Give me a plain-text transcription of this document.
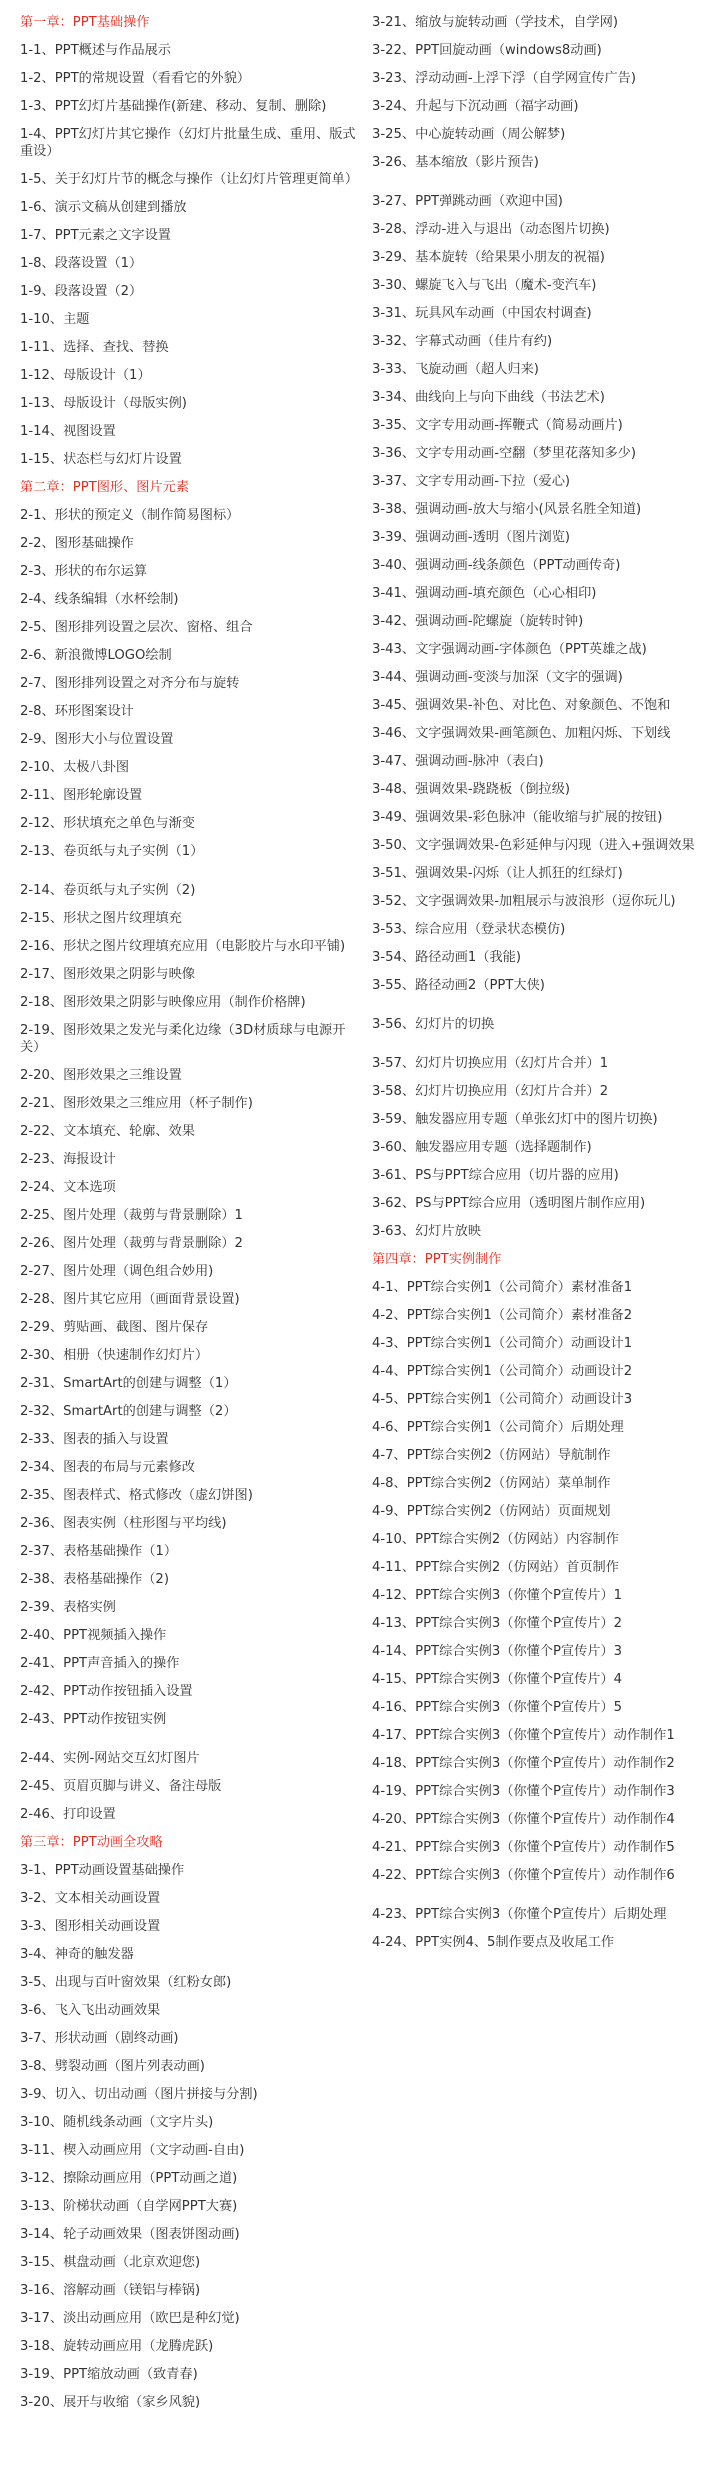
第一章：PPT基础操作
1-1、PPT概述与作品展示
1-2、PPT的常规设置（看看它的外貌）
1-3、PPT幻灯片基础操作(新建、移动、复制、删除)
1-4、PPT幻灯片其它操作（幻灯片批量生成、重用、版式重设）
1-5、关于幻灯片节的概念与操作（让幻灯片管理更简单）
1-6、演示文稿从创建到播放
1-7、PPT元素之文字设置
1-8、段落设置（1）
1-9、段落设置（2）
1-10、主题
1-11、选择、查找、替换
1-12、母版设计（1）
1-13、母版设计（母版实例)
1-14、视图设置
1-15、状态栏与幻灯片设置
第二章：PPT图形、图片元素
2-1、形状的预定义（制作简易图标）
2-2、图形基础操作
2-3、形状的布尔运算
2-4、线条编辑（水杯绘制)
2-5、图形排列设置之层次、窗格、组合
2-6、新浪微博LOGO绘制
2-7、图形排列设置之对齐分布与旋转
2-8、环形图案设计
2-9、图形大小与位置设置
2-10、太极八卦图
2-11、图形轮廓设置
2-12、形状填充之单色与渐变
2-13、卷页纸与丸子实例（1）
2-14、卷页纸与丸子实例（2)
2-15、形状之图片纹理填充
2-16、形状之图片纹理填充应用（电影胶片与水印平铺)
2-17、图形效果之阴影与映像
2-18、图形效果之阴影与映像应用（制作价格牌)
2-19、图形效果之发光与柔化边缘（3D材质球与电源开关）
2-20、图形效果之三维设置
2-21、图形效果之三维应用（杯子制作)
2-22、文本填充、轮廓、效果
2-23、海报设计
2-24、文本选项
2-25、图片处理（裁剪与背景删除）1
2-26、图片处理（裁剪与背景删除）2
2-27、图片处理（调色组合妙用)
2-28、图片其它应用（画面背景设置)
2-29、剪贴画、截图、图片保存
2-30、相册（快速制作幻灯片）
2-31、SmartArt的创建与调整（1）
2-32、SmartArt的创建与调整（2）
2-33、图表的插入与设置
2-34、图表的布局与元素修改
2-35、图表样式、格式修改（虚幻饼图)
2-36、图表实例（柱形图与平均线)
2-37、表格基础操作（1）
2-38、表格基础操作（2)
2-39、表格实例
2-40、PPT视频插入操作
2-41、PPT声音插入的操作
2-42、PPT动作按钮插入设置
2-43、PPT动作按钮实例
2-44、实例-网站交互幻灯图片
2-45、页眉页脚与讲义、备注母版
2-46、打印设置
第三章：PPT动画全攻略
3-1、PPT动画设置基础操作
3-2、文本相关动画设置
3-3、图形相关动画设置
3-4、神奇的触发器
3-5、出现与百叶窗效果（红粉女郎)
3-6、飞入飞出动画效果
3-7、形状动画（剧终动画)
3-8、劈裂动画（图片列表动画)
3-9、切入、切出动画（图片拼接与分割)
3-10、随机线条动画（文字片头)
3-11、楔入动画应用（文字动画-自由)
3-12、擦除动画应用（PPT动画之道)
3-13、阶梯状动画（自学网PPT大赛)
3-14、轮子动画效果（图表饼图动画)
3-15、棋盘动画（北京欢迎您)
3-16、溶解动画（镁铝与棒锅)
3-17、淡出动画应用（欧巴是种幻觉)
3-18、旋转动画应用（龙腾虎跃)
3-19、PPT缩放动画（致青春)
3-20、展开与收缩（家乡风貌)
3-21、缩放与旋转动画（学技术，自学网)
3-22、PPT回旋动画（windows8动画)
3-23、浮动动画-上浮下浮（自学网宣传广告)
3-24、升起与下沉动画（福字动画)
3-25、中心旋转动画（周公解梦)
3-26、基本缩放（影片预告)
3-27、PPT弹跳动画（欢迎中国)
3-28、浮动-进入与退出（动态图片切换)
3-29、基本旋转（给果果小朋友的祝福)
3-30、螺旋飞入与飞出（魔术-变汽车)
3-31、玩具风车动画（中国农村调查)
3-32、字幕式动画（佳片有约)
3-33、飞旋动画（超人归来)
3-34、曲线向上与向下曲线（书法艺术)
3-35、文字专用动画-挥鞭式（简易动画片)
3-36、文字专用动画-空翻（梦里花落知多少)
3-37、文字专用动画-下拉（爱心)
3-38、强调动画-放大与缩小(风景名胜全知道)
3-39、强调动画-透明（图片浏览)
3-40、强调动画-线条颜色（PPT动画传奇)
3-41、强调动画-填充颜色（心心相印)
3-42、强调动画-陀螺旋（旋转时钟)
3-43、文字强调动画-字体颜色（PPT英雄之战)
3-44、强调动画-变淡与加深（文字的强调)
3-45、强调效果-补色、对比色、对象颜色、不饱和
3-46、文字强调效果-画笔颜色、加粗闪烁、下划线
3-47、强调动画-脉冲（表白)
3-48、强调效果-跷跷板（倒拉级)
3-49、强调效果-彩色脉冲（能收缩与扩展的按钮)
3-50、文字强调效果-色彩延伸与闪现（进入+强调效果
3-51、强调效果-闪烁（让人抓狂的红绿灯)
3-52、文字强调效果-加粗展示与波浪形（逗你玩儿)
3-53、综合应用（登录状态模仿)
3-54、路径动画1（我能)
3-55、路径动画2（PPT大侠)
3-56、幻灯片的切换
3-57、幻灯片切换应用（幻灯片合并）1
3-58、幻灯片切换应用（幻灯片合并）2
3-59、触发器应用专题（单张幻灯中的图片切换)
3-60、触发器应用专题（选择题制作)
3-61、PS与PPT综合应用（切片器的应用)
3-62、PS与PPT综合应用（透明图片制作应用)
3-63、幻灯片放映
第四章：PPT实例制作
4-1、PPT综合实例1（公司简介）素材准备1
4-2、PPT综合实例1（公司简介）素材准备2
4-3、PPT综合实例1（公司简介）动画设计1
4-4、PPT综合实例1（公司简介）动画设计2
4-5、PPT综合实例1（公司简介）动画设计3
4-6、PPT综合实例1（公司简介）后期处理
4-7、PPT综合实例2（仿网站）导航制作
4-8、PPT综合实例2（仿网站）菜单制作
4-9、PPT综合实例2（仿网站）页面规划
4-10、PPT综合实例2（仿网站）内容制作
4-11、PPT综合实例2（仿网站）首页制作
4-12、PPT综合实例3（你懂个P宣传片）1
4-13、PPT综合实例3（你懂个P宣传片）2
4-14、PPT综合实例3（你懂个P宣传片）3
4-15、PPT综合实例3（你懂个P宣传片）4
4-16、PPT综合实例3（你懂个P宣传片）5
4-17、PPT综合实例3（你懂个P宣传片）动作制作1
4-18、PPT综合实例3（你懂个P宣传片）动作制作2
4-19、PPT综合实例3（你懂个P宣传片）动作制作3
4-20、PPT综合实例3（你懂个P宣传片）动作制作4
4-21、PPT综合实例3（你懂个P宣传片）动作制作5
4-22、PPT综合实例3（你懂个P宣传片）动作制作6
4-23、PPT综合实例3（你懂个P宣传片）后期处理
4-24、PPT实例4、5制作要点及收尾工作
